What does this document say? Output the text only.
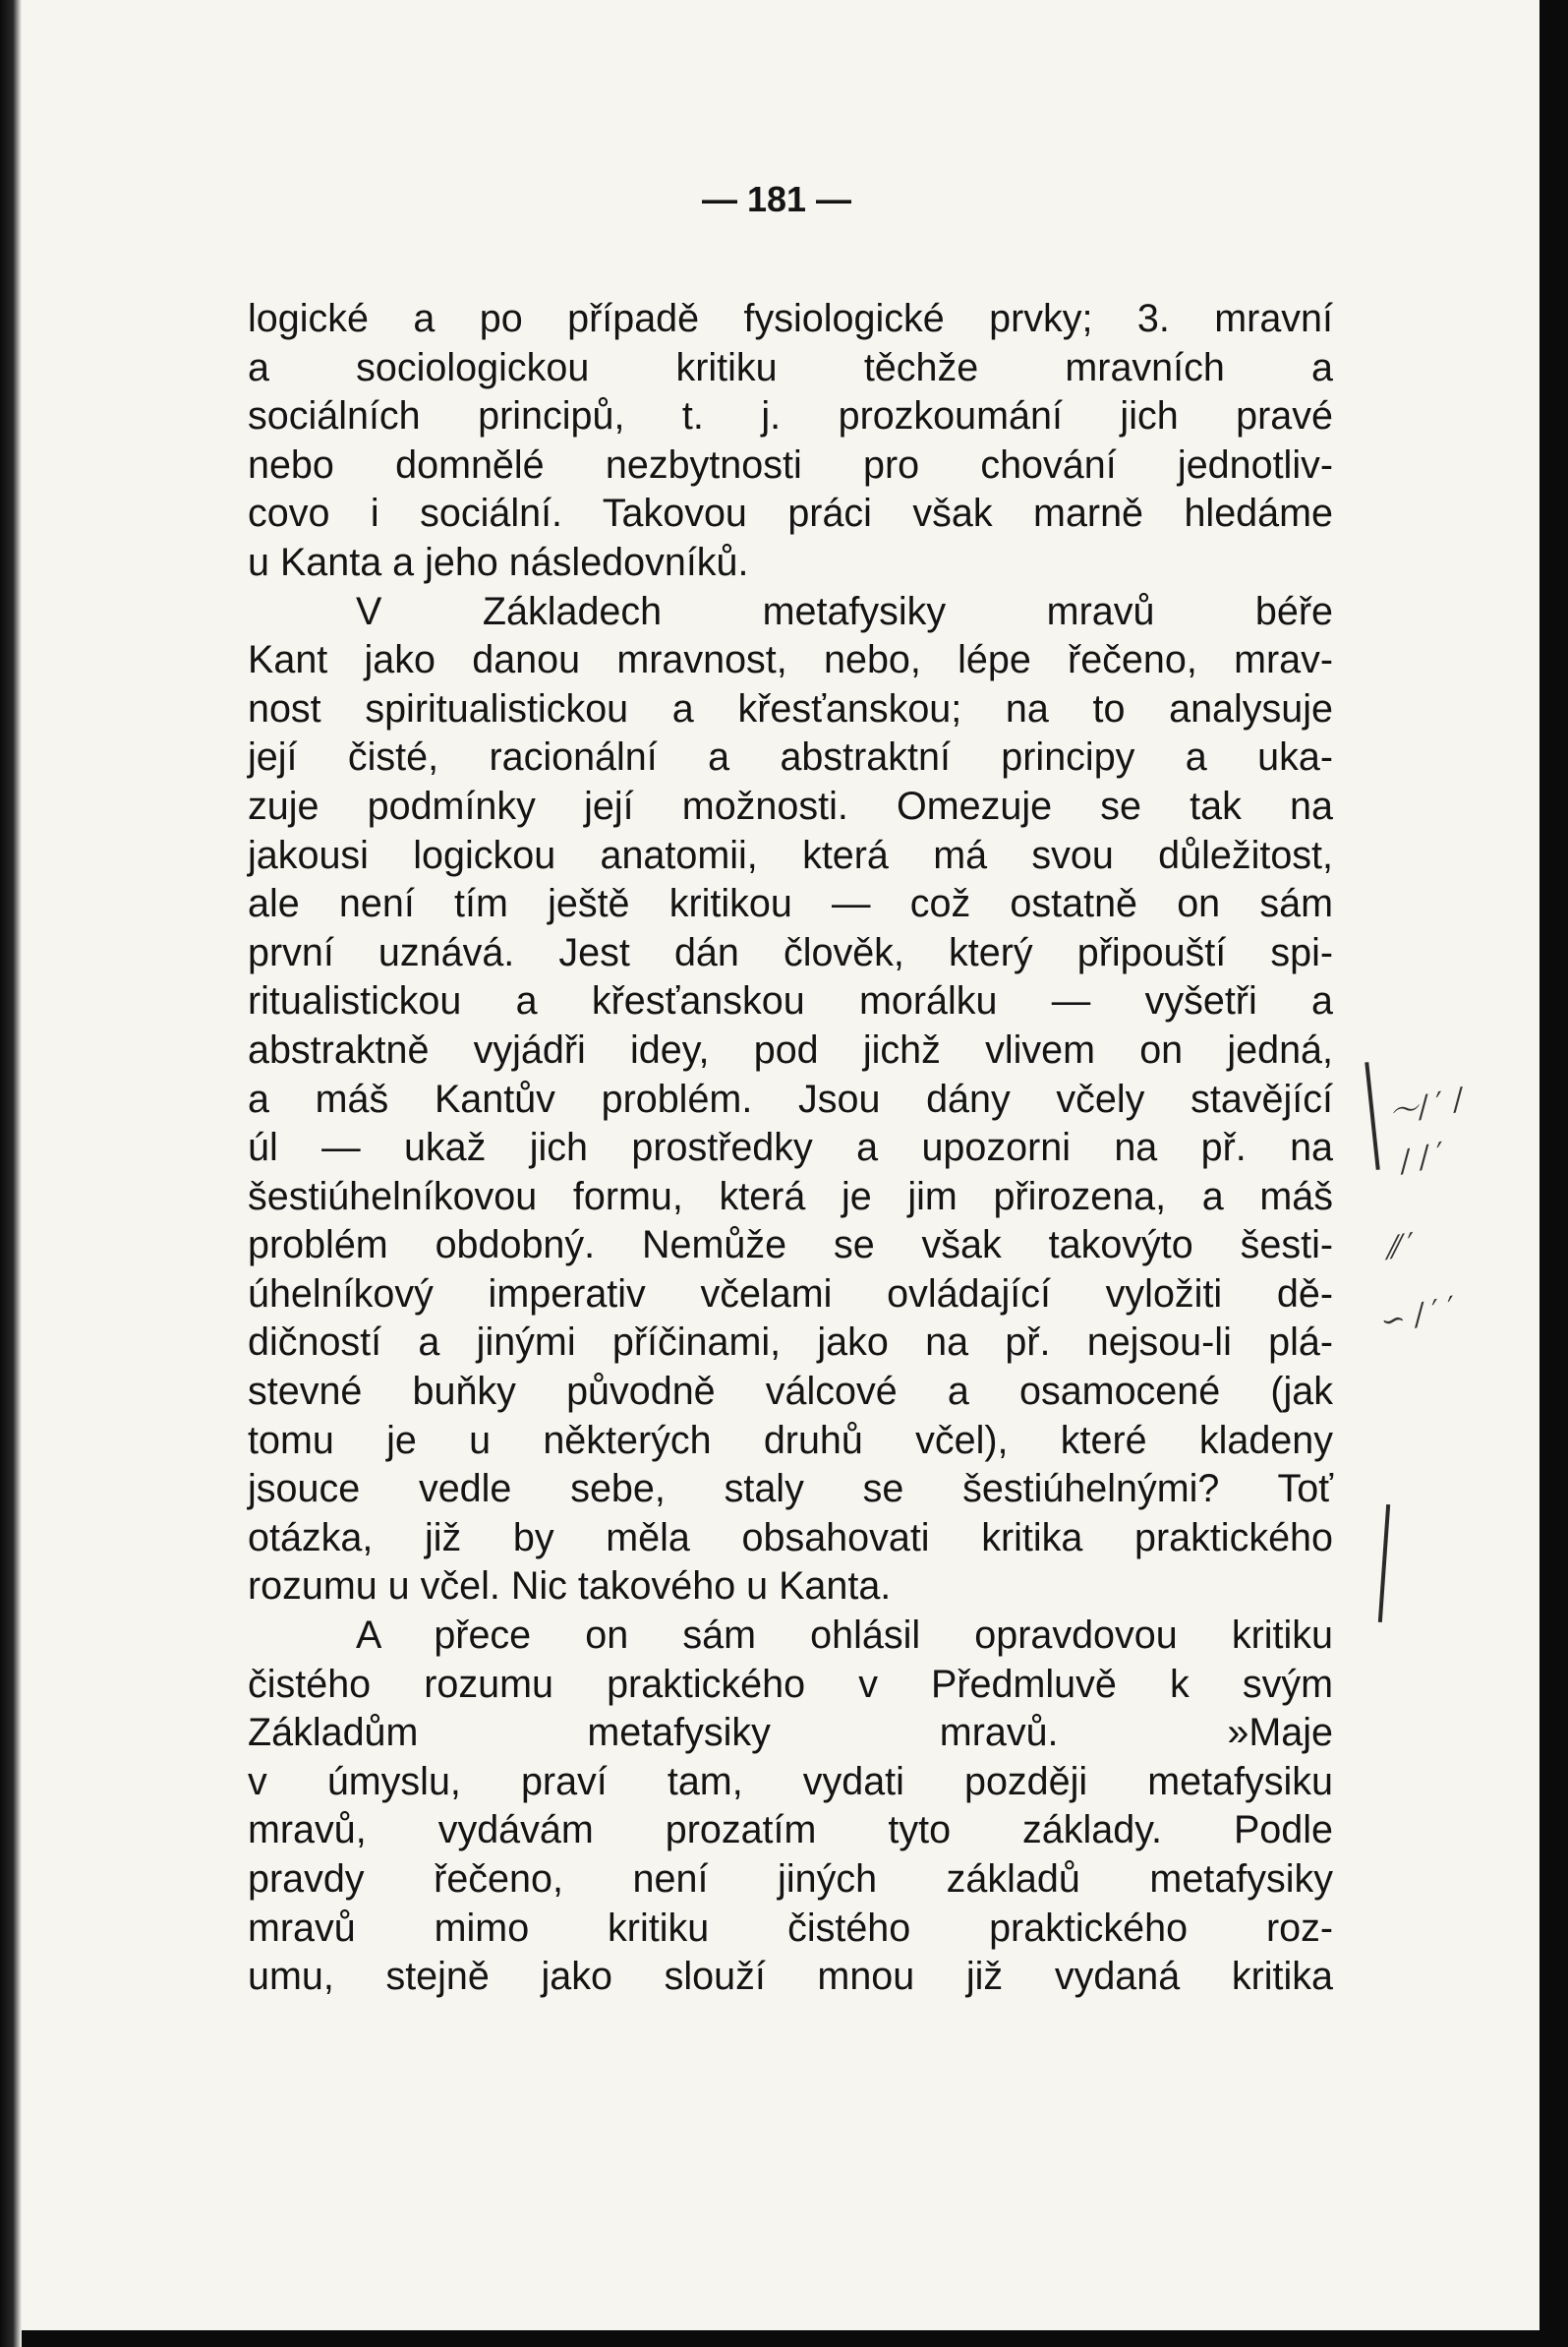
— 181 —
logické a po případě fysiologické prvky; 3. mravní
a sociologickou kritiku těchže mravních a
sociálních principů, t. j. prozkoumání jich pravé
nebo domnělé nezbytnosti pro chování jednotliv-
covo i sociální. Takovou práci však marně hledáme
u Kanta a jeho následovníků.
V Základech metafysiky mravů béře
Kant jako danou mravnost, nebo, lépe řečeno, mrav-
nost spiritualistickou a křesťanskou; na to analysuje
její čisté, racionální a abstraktní principy a uka-
zuje podmínky její možnosti. Omezuje se tak na
jakousi logickou anatomii, která má svou důležitost,
ale není tím ještě kritikou — což ostatně on sám
první uznává. Jest dán člověk, který připouští spi-
ritualistickou a křesťanskou morálku — vyšetři a
abstraktně vyjádři idey, pod jichž vlivem on jedná,
a máš Kantův problém. Jsou dány včely stavějící
úl — ukaž jich prostředky a upozorni na př. na
šestiúhelníkovou formu, která je jim přirozena, a máš
problém obdobný. Nemůže se však takovýto šesti-
úhelníkový imperativ včelami ovládající vyložiti dě-
dičností a jinými příčinami, jako na př. nejsou-li plá-
stevné buňky původně válcové a osamocené (jak
tomu je u některých druhů včel), které kladeny
jsouce vedle sebe, staly se šestiúhelnými? Toť
otázka, již by měla obsahovati kritika praktického
rozumu u včel. Nic takového u Kanta.
A přece on sám ohlásil opravdovou kritiku
čistého rozumu praktického v Předmluvě k svým
Základům metafysiky mravů. »Maje
v úmyslu, praví tam, vydati později metafysiku
mravů, vydávám prozatím tyto základy. Podle
pravdy řečeno, není jiných základů metafysiky
mravů mimo kritiku čistého praktického roz-
umu, stejně jako slouží mnou již vydaná kritika
〜∕ ′ ∕
∕ ∕ ′
⁄⁄ ′
∽ ∕ ′ ′
